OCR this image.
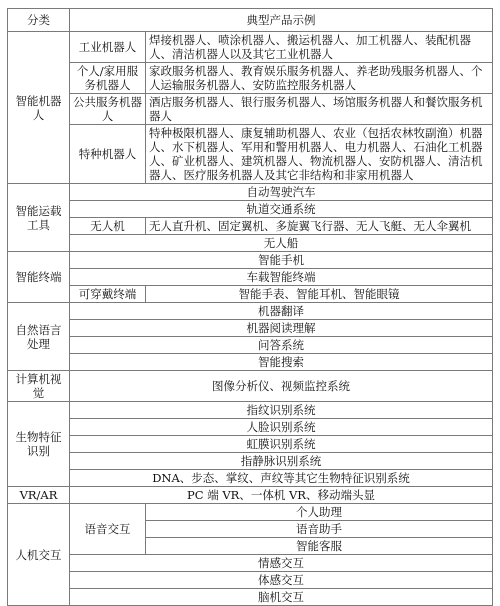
分类	典型产品示例	
智能机器人	工业机器人	焊接机器人、喷涂机器人、搬运机器人、加工机器人、装配机器人、清洁机器人以及其它工业机器人
	个人/家用服务机器人	家政服务机器人、教育娱乐服务机器人、养老助残服务机器人、个人运输服务机器人、安防监控服务机器人
	公共服务机器人	酒店服务机器人、银行服务机器人、场馆服务机器人和餐饮服务机器人
	特种机器人	特种极限机器人、康复辅助机器人、农业（包括农林牧副渔）机器人、水下机器人、军用和警用机器人、电力机器人、石油化工机器人、矿业机器人、建筑机器人、物流机器人、安防机器人、清洁机器人、医疗服务机器人及其它非结构和非家用机器人
智能运载工具	自动驾驶汽车	
	轨道交通系统	
	无人机	无人直升机、固定翼机、多旋翼飞行器、无人飞艇、无人伞翼机
	无人船	
智能终端	智能手机	
	车载智能终端	
	可穿戴终端	智能手表、智能耳机、智能眼镜
自然语言处理	机器翻译	
	机器阅读理解	
	问答系统	
	智能搜索	
计算机视觉	图像分析仪、视频监控系统	
生物特征识别	指纹识别系统	
	人脸识别系统	
	虹膜识别系统	
	指静脉识别系统	
	DNA、步态、掌纹、声纹等其它生物特征识别系统	
VR/AR	PC 端 VR、一体机 VR、移动端头显	
人机交互	语音交互	个人助理
		语音助手
		智能客服
	情感交互	
	体感交互	
	脑机交互	
